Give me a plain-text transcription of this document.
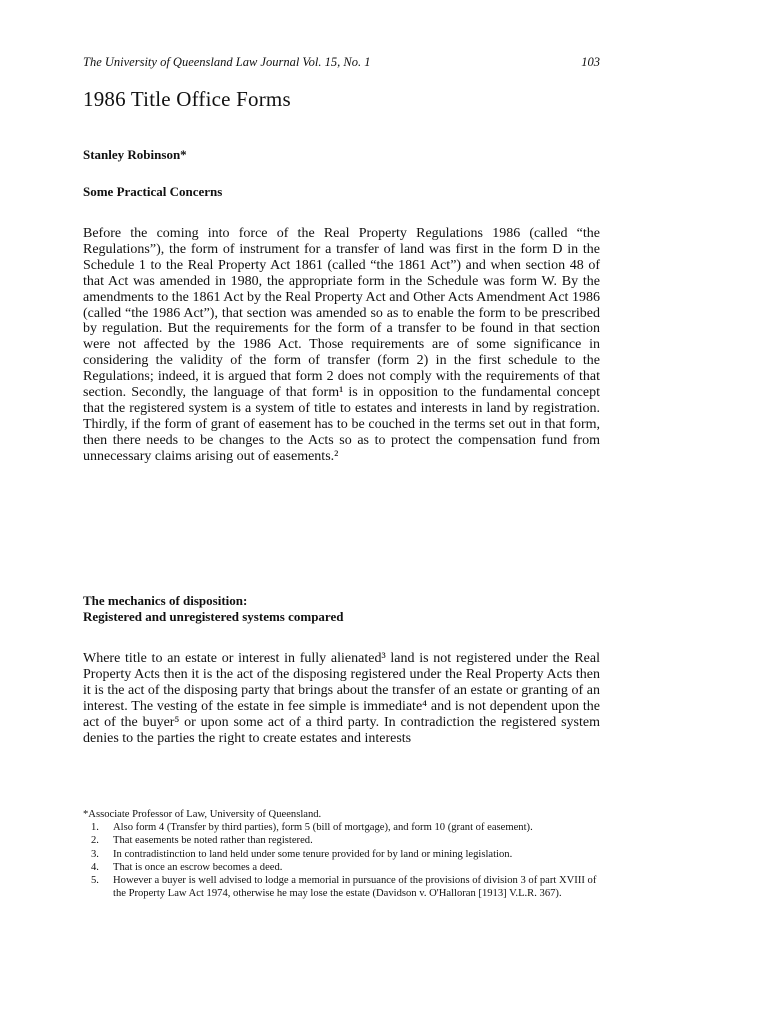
The University of Queensland Law Journal Vol. 15, No. 1	103
1986 Title Office Forms
Stanley Robinson*
Some Practical Concerns

Before the coming into force of the Real Property Regulations 1986 (called “the Regulations”), the form of instrument for a transfer of land was first in the form D in the Schedule 1 to the Real Property Act 1861 (called “the 1861 Act”) and when section 48 of that Act was amended in 1980, the appropriate form in the Schedule was form W. By the amendments to the 1861 Act by the Real Property Act and Other Acts Amendment Act 1986 (called “the 1986 Act”), that section was amended so as to enable the form to be prescribed by regulation. But the requirements for the form of a transfer to be found in that section were not affected by the 1986 Act. Those requirements are of some significance in considering the validity of the form of transfer (form 2) in the first schedule to the Regulations; indeed, it is argued that form 2 does not comply with the requirements of that section. Secondly, the language of that form¹ is in opposition to the fundamental concept that the registered system is a system of title to estates and interests in land by registration. Thirdly, if the form of grant of easement has to be couched in the terms set out in that form, then there needs to be changes to the Acts so as to protect the compensation fund from unnecessary claims arising out of easements.²

The mechanics of disposition:
Registered and unregistered systems compared

Where title to an estate or interest in fully alienated³ land is not registered under the Real Property Acts then it is the act of the disposing registered under the Real Property Acts then it is the act of the disposing party that brings about the transfer of an estate or granting of an interest. The vesting of the estate in fee simple is immediate⁴ and is not dependent upon the act of the buyer⁵ or upon some act of a third party. In contradiction the registered system denies to the parties the right to create estates and interests

*Associate Professor of Law, University of Queensland.
1. Also form 4 (Transfer by third parties), form 5 (bill of mortgage), and form 10 (grant of easement).
2. That easements be noted rather than registered.
3. In contradistinction to land held under some tenure provided for by land or mining legislation.
4. That is once an escrow becomes a deed.
5. However a buyer is well advised to lodge a memorial in pursuance of the provisions of division 3 of part XVIII of the Property Law Act 1974, otherwise he may lose the estate (Davidson v. O'Halloran [1913] V.L.R. 367).
